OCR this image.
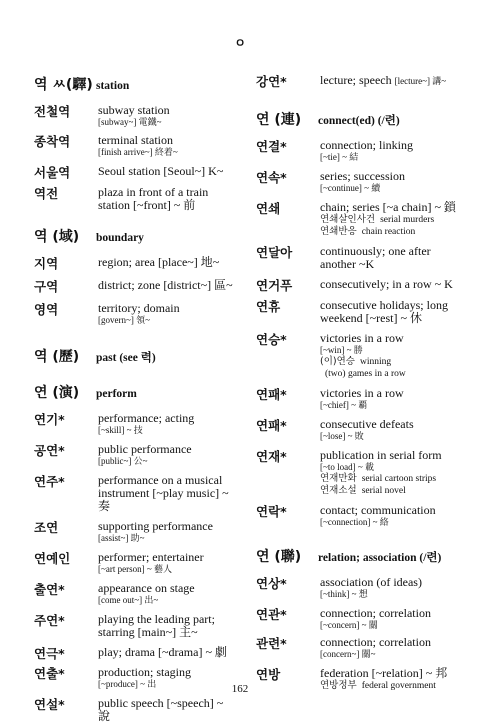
ㅇ
역 ㅆ(驛) station
전철역	subway station
[subway~] 電鐵~
종착역	terminal station
[finish arrive~] 終着~
서울역	Seoul station [Seoul~] K~
역전	plaza in front of a train station [~front] ~ 前
역 (域)	boundary
지역	region; area [place~] 地~
구역	district; zone [district~] 區~
영역	territory; domain
[govern~] 領~
역 (歷)	past (see 력)
연 (演)	perform
연기*	performance; acting
[~skill] ~ 技
공연*	public performance
[public~] 公~
연주*	performance on a musical instrument [~play music] ~奏
조연	supporting performance
[assist~] 助~
연예인	performer; entertainer
[~art person] ~ 藝人
출연*	appearance on stage
[come out~] 出~
주연*	playing the leading part; starring [main~] 主~
연극*	play; drama [~drama] ~ 劇
연출*	production; staging
[~produce] ~ 出
연설*	public speech [~speech] ~ 說
강연*	lecture; speech [lecture~] 講~
연 (連)	connect(ed) (/련)
연결*	connection; linking
[~tie] ~ 結
연속*	series; succession
[~continue] ~ 續
연쇄	chain; series [~a chain] ~ 鎖
연쇄살인사건 serial murders
연쇄반응 chain reaction
연달아	continuously; one after another ~K
연거푸	consecutively; in a row ~ K
연휴	consecutive holidays; long weekend [~rest] ~ 休
연승*	victories in a row
[~win] ~ 勝
(이)연승 winning
(two) games in a row
연패*	victories in a row
[~chief] ~ 覇
연패*	consecutive defeats
[~lose] ~ 敗
연재*	publication in serial form
[~to load] ~ 載
연재만화 serial cartoon strips
연재소설 serial novel
연락*	contact; communication
[~connection] ~ 絡
연 (聯)	relation; association (/련)
연상*	association (of ideas)
[~think] ~ 想
연관*	connection; correlation
[~concern] ~ 關
관련*	connection; correlation
[concern~] 關~
연방	federation [~relation] ~ 邦
연방정부 federal government
162
